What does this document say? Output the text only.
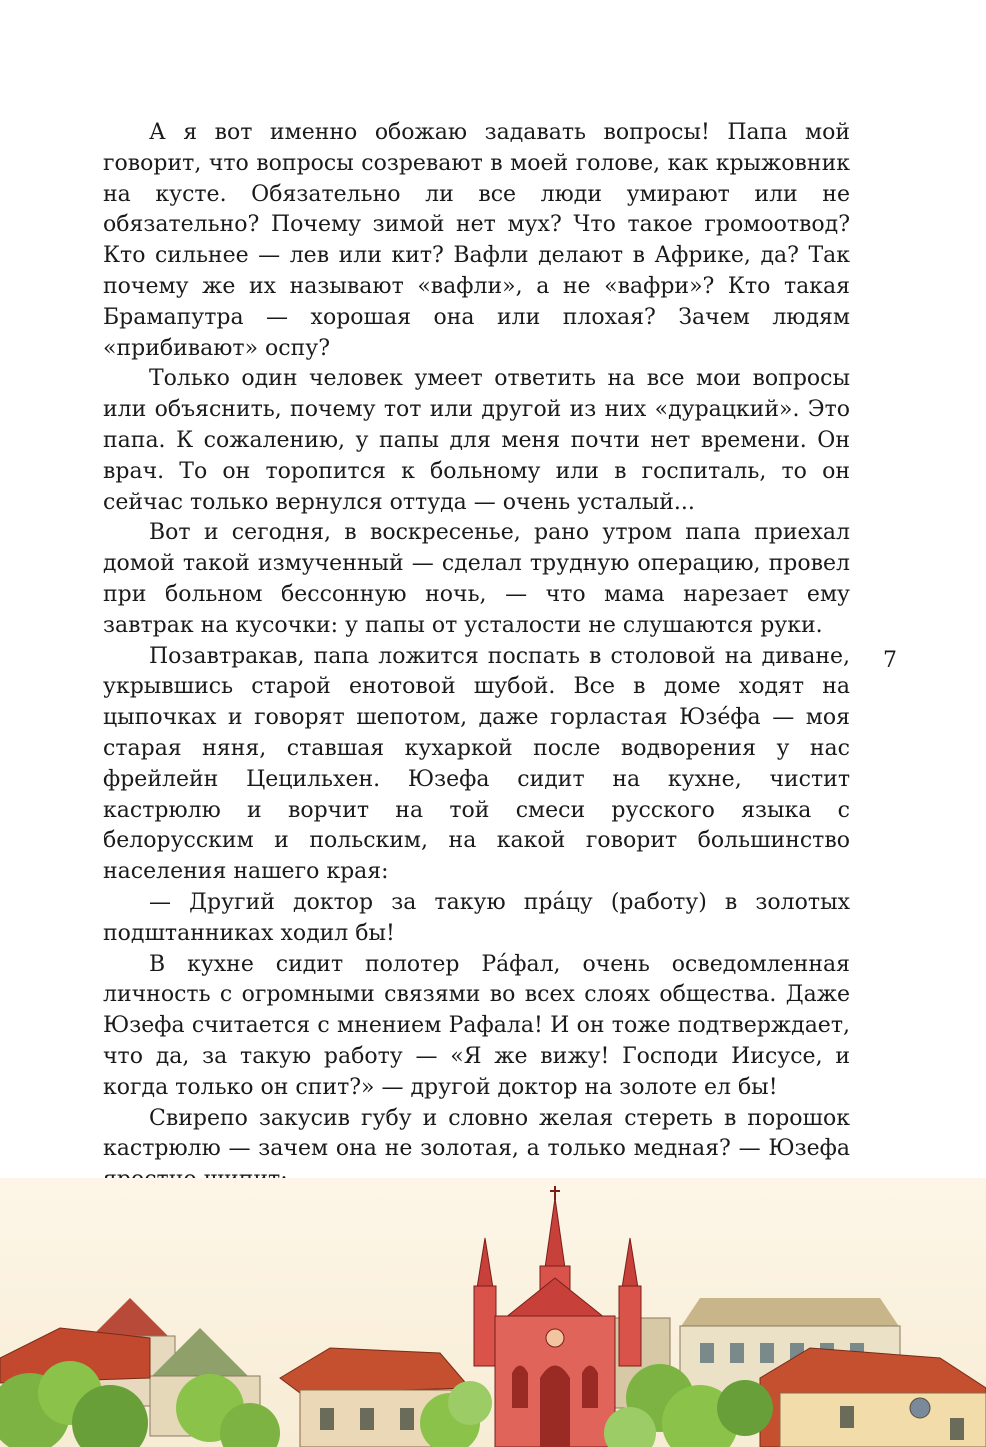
А я вот именно обожаю задавать вопросы! Папа мой говорит, что вопросы созревают в моей голове, как крыжовник на кусте. Обязательно ли все люди умирают или не обязательно? Почему зимой нет мух? Что такое громоотвод? Кто сильнее — лев или кит? Вафли делают в Африке, да? Так почему же их называют «вафли», а не «вафри»? Кто такая Брамапутра — хорошая она или плохая? Зачем людям «прибивают» оспу?

Только один человек умеет ответить на все мои вопросы или объяснить, почему тот или другой из них «дурацкий». Это папа. К сожалению, у папы для меня почти нет времени. Он врач. То он торопится к больному или в госпиталь, то он сейчас только вернулся оттуда — очень усталый...

Вот и сегодня, в воскресенье, рано утром папа приехал домой такой измученный — сделал трудную операцию, провел при больном бессонную ночь, — что мама нарезает ему завтрак на кусочки: у папы от усталости не слушаются руки.

Позавтракав, папа ложится поспать в столовой на диване, укрывшись старой енотовой шубой. Все в доме ходят на цыпочках и говорят шепотом, даже горластая Юзе́фа — моя старая няня, ставшая кухаркой после водворения у нас фрейлейн Цецильхен. Юзефа сидит на кухне, чистит кастрюлю и ворчит на той смеси русского языка с белорусским и польским, на какой говорит большинство населения нашего края:

— Другий доктор за такую пра́цу (работу) в золотых подштанниках ходил бы!

В кухне сидит полотер Ра́фал, очень осведомленная личность с огромными связями во всех слоях общества. Даже Юзефа считается с мнением Рафала! И он тоже подтверждает, что да, за такую работу — «Я же вижу! Господи Иисусе, и когда только он спит?» — другой доктор на золоте ел бы!

Свирепо закусив губу и словно желая стереть в порошок кастрюлю — зачем она не золотая, а только медная? — Юзефа

7
